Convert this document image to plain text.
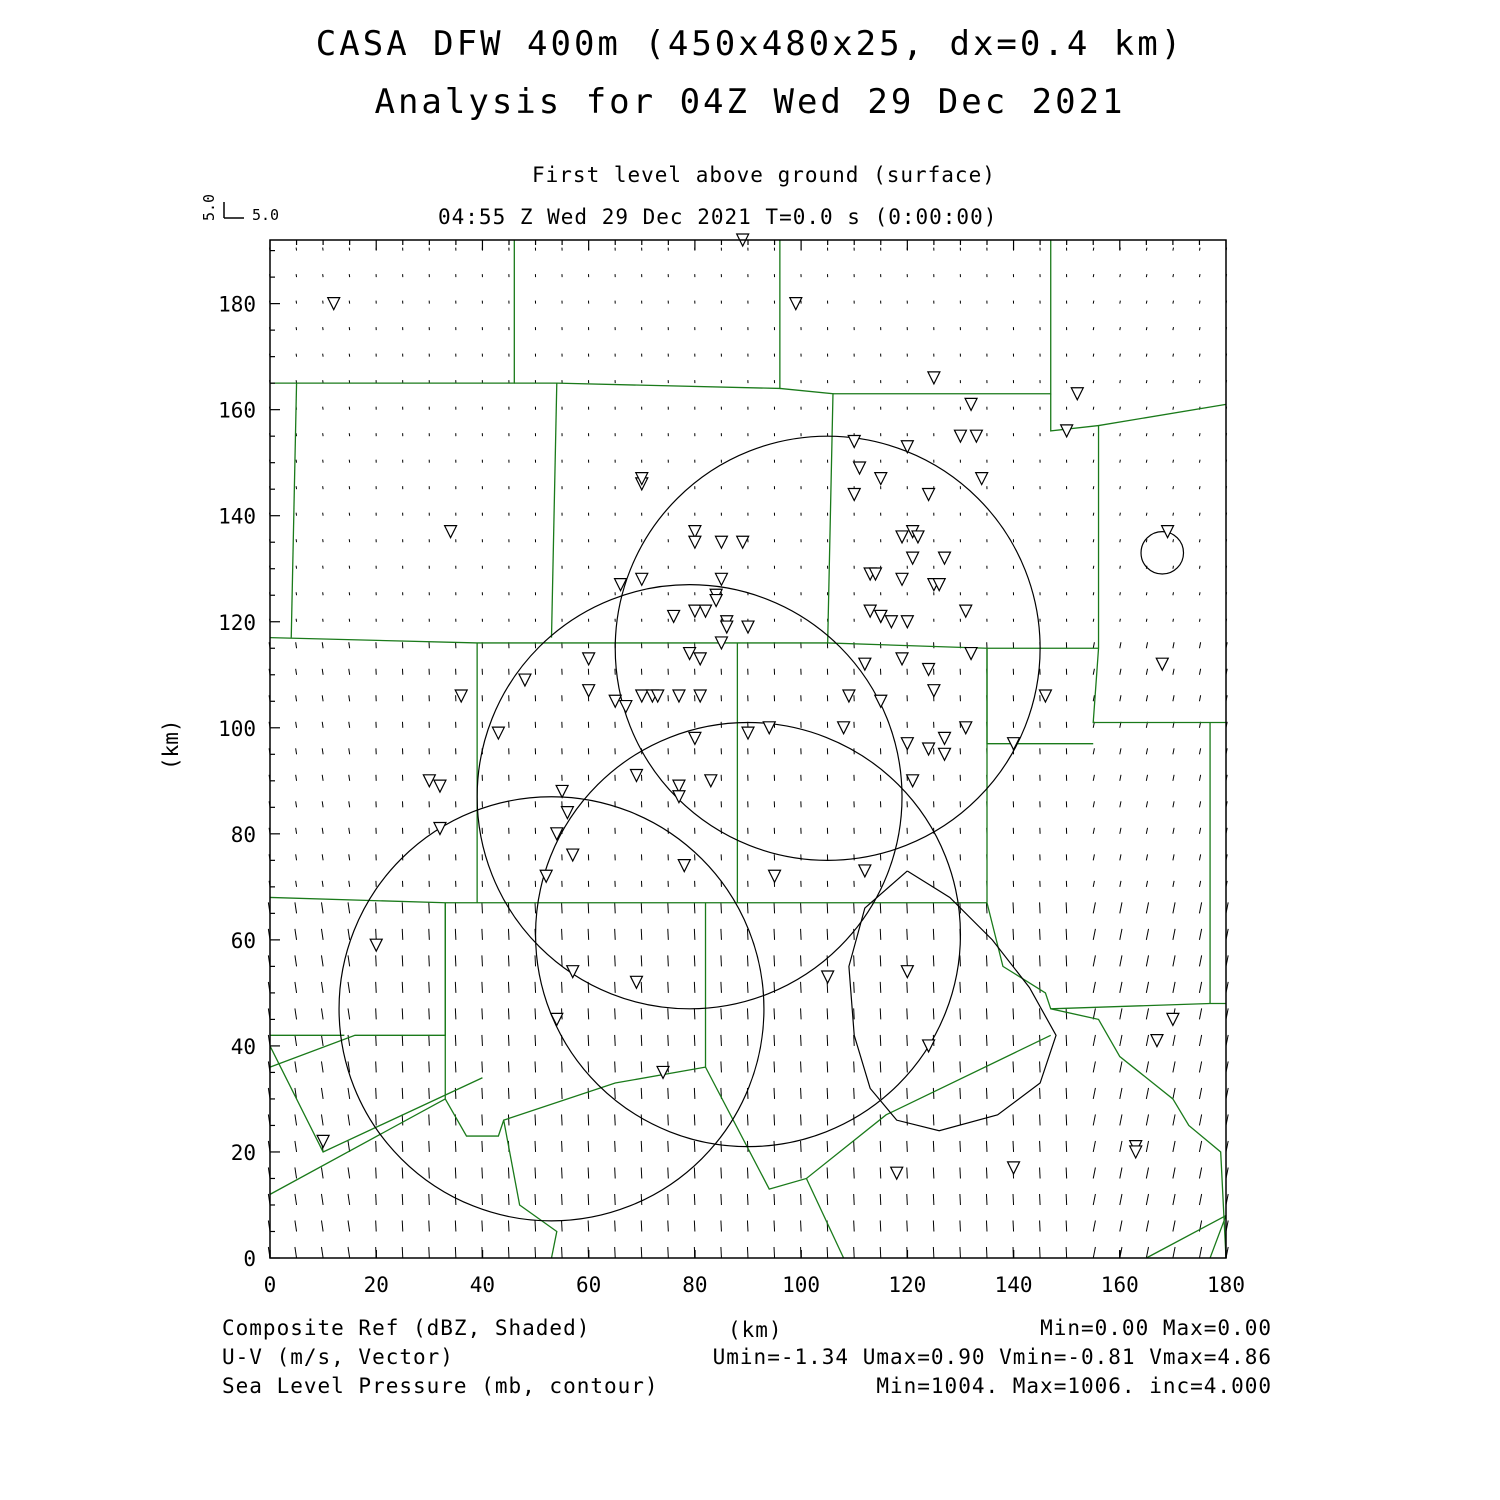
CASA DFW 400m (450x480x25, dx=0.4 km)
Analysis for 04Z Wed 29 Dec 2021
First level above ground (surface)
04:55 Z Wed 29 Dec 2021 T=0.0 s (0:00:00)
Composite Ref (dBZ, Shaded)
U-V (m/s, Vector)
Sea Level Pressure (mb, contour)
(km)	Min=0.00 Max=0.00
Umin=-1.34 Umax=0.90 Vmin=-0.81 Vmax=4.86
Min=1004. Max=1006. inc=4.000
0	20	40	60	80	100	120	140	160	180
0
20
40
60
80
100
120
140
160
180
5.0
5.0
(km)
